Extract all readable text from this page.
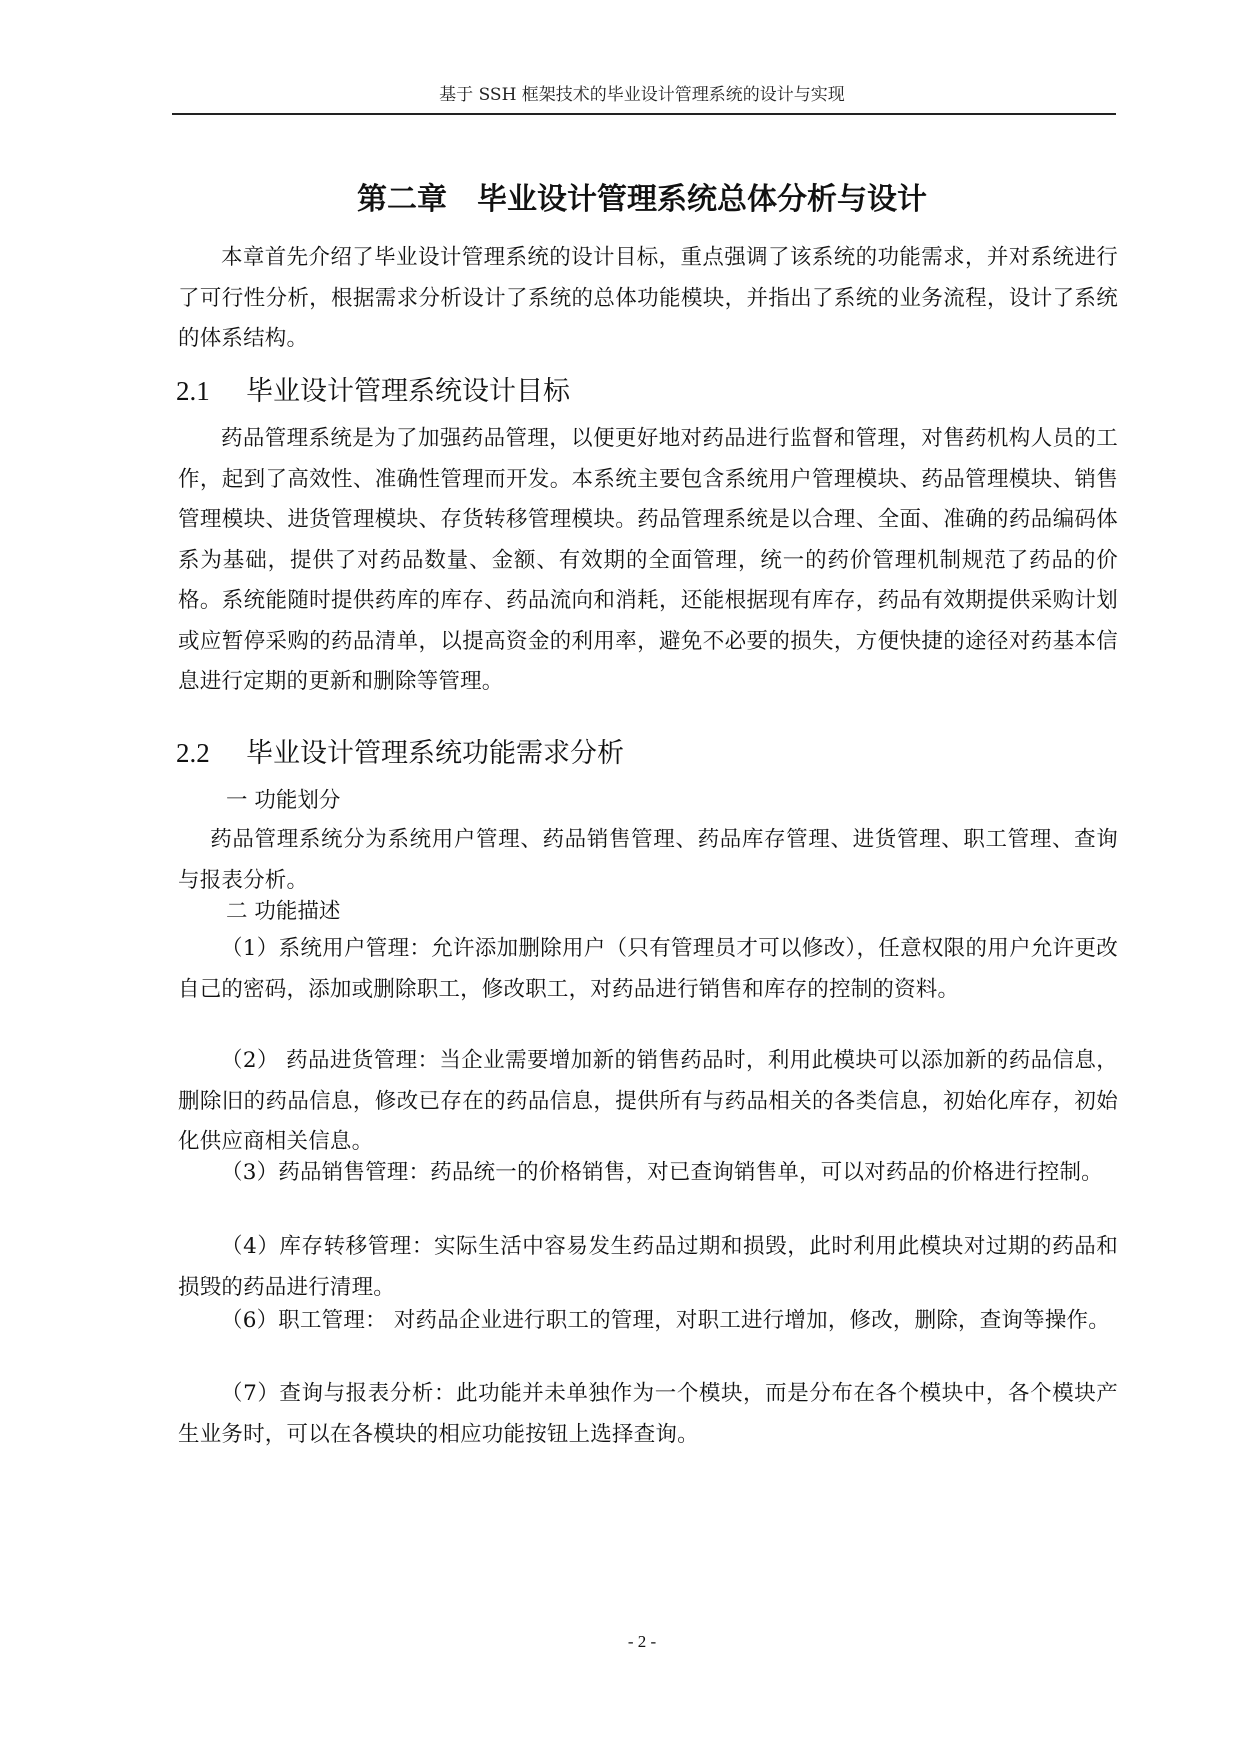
基于 SSH 框架技术的毕业设计管理系统的设计与实现
第二章 毕业设计管理系统总体分析与设计

本章首先介绍了毕业设计管理系统的设计目标，重点强调了该系统的功能需求，并对系统进行了可行性分析，根据需求分析设计了系统的总体功能模块，并指出了系统的业务流程，设计了系统的体系结构。

2.1 毕业设计管理系统设计目标

药品管理系统是为了加强药品管理，以便更好地对药品进行监督和管理，对售药机构人员的工作，起到了高效性、准确性管理而开发。本系统主要包含系统用户管理模块、药品管理模块、销售管理模块、进货管理模块、存货转移管理模块。药品管理系统是以合理、全面、准确的药品编码体系为基础，提供了对药品数量、金额、有效期的全面管理，统一的药价管理机制规范了药品的价格。系统能随时提供药库的库存、药品流向和消耗，还能根据现有库存，药品有效期提供采购计划或应暂停采购的药品清单，以提高资金的利用率，避免不必要的损失，方便快捷的途径对药基本信息进行定期的更新和删除等管理。

2.2 毕业设计管理系统功能需求分析
一 功能划分

药品管理系统分为系统用户管理、药品销售管理、药品库存管理、进货管理、职工管理、查询与报表分析。

二 功能描述

（1）系统用户管理：允许添加删除用户（只有管理员才可以修改），任意权限的用户允许更改自己的密码，添加或删除职工，修改职工，对药品进行销售和库存的控制的资料。

（2） 药品进货管理：当企业需要增加新的销售药品时，利用此模块可以添加新的药品信息，删除旧的药品信息，修改已存在的药品信息，提供所有与药品相关的各类信息，初始化库存，初始化供应商相关信息。

（3）药品销售管理：药品统一的价格销售，对已查询销售单，可以对药品的价格进行控制。

（4）库存转移管理：实际生活中容易发生药品过期和损毁，此时利用此模块对过期的药品和损毁的药品进行清理。

（6）职工管理： 对药品企业进行职工的管理，对职工进行增加，修改，删除，查询等操作。

（7）查询与报表分析：此功能并未单独作为一个模块，而是分布在各个模块中，各个模块产生业务时，可以在各模块的相应功能按钮上选择查询。

- 2 -
